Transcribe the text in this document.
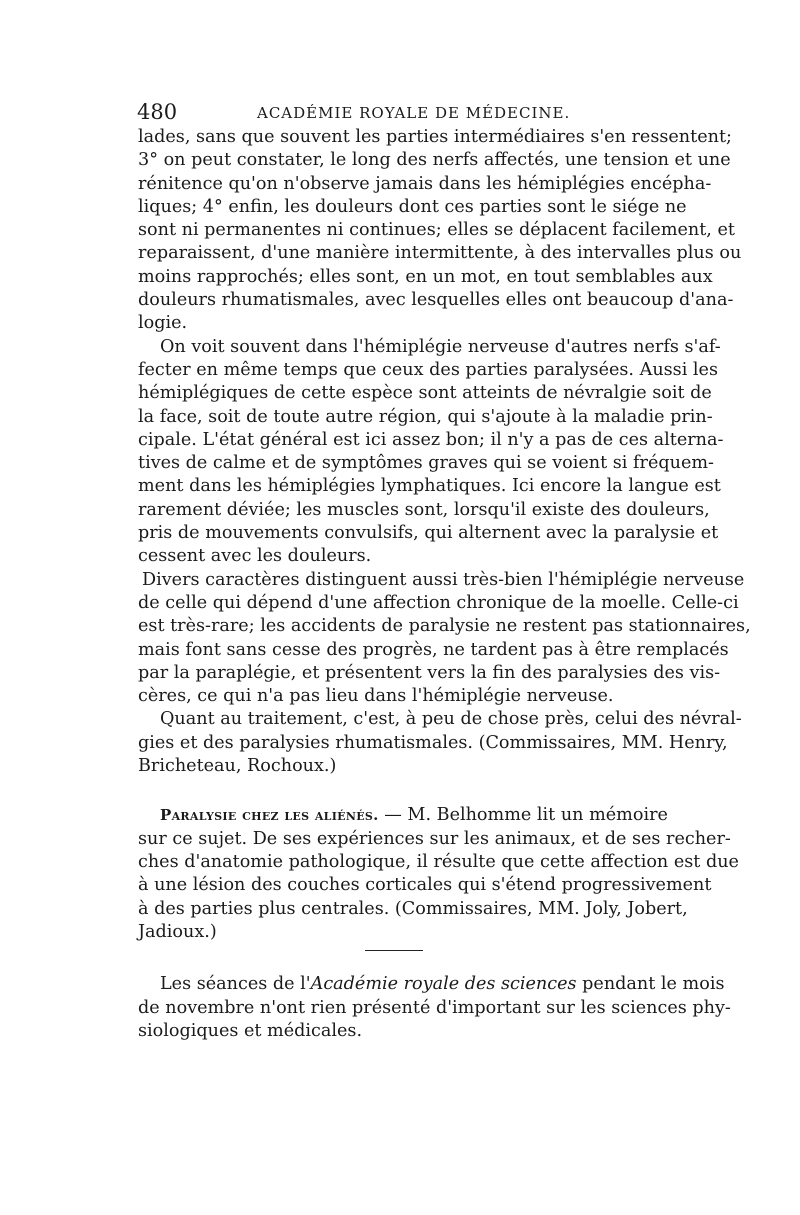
480	ACADÉMIE ROYALE DE MÉDECINE.
lades, sans que souvent les parties intermédiaires s'en ressentent;
3° on peut constater, le long des nerfs affectés, une tension et une
rénitence qu'on n'observe jamais dans les hémiplégies encépha-
liques; 4° enfin, les douleurs dont ces parties sont le siége ne
sont ni permanentes ni continues; elles se déplacent facilement, et
reparaissent, d'une manière intermittente, à des intervalles plus ou
moins rapprochés; elles sont, en un mot, en tout semblables aux
douleurs rhumatismales, avec lesquelles elles ont beaucoup d'ana-
logie.
On voit souvent dans l'hémiplégie nerveuse d'autres nerfs s'af-
fecter en même temps que ceux des parties paralysées. Aussi les
hémiplégiques de cette espèce sont atteints de névralgie soit de
la face, soit de toute autre région, qui s'ajoute à la maladie prin-
cipale. L'état général est ici assez bon; il n'y a pas de ces alterna-
tives de calme et de symptômes graves qui se voient si fréquem-
ment dans les hémiplégies lymphatiques. Ici encore la langue est
rarement déviée; les muscles sont, lorsqu'il existe des douleurs,
pris de mouvements convulsifs, qui alternent avec la paralysie et
cessent avec les douleurs.
Divers caractères distinguent aussi très-bien l'hémiplégie nerveuse
de celle qui dépend d'une affection chronique de la moelle. Celle-ci
est très-rare; les accidents de paralysie ne restent pas stationnaires,
mais font sans cesse des progrès, ne tardent pas à être remplacés
par la paraplégie, et présentent vers la fin des paralysies des vis-
cères, ce qui n'a pas lieu dans l'hémiplégie nerveuse.
Quant au traitement, c'est, à peu de chose près, celui des névral-
gies et des paralysies rhumatismales. (Commissaires, MM. Henry,
Bricheteau, Rochoux.)
Paralysie chez les aliénés. — M. Belhomme lit un mémoire
sur ce sujet. De ses expériences sur les animaux, et de ses recher-
ches d'anatomie pathologique, il résulte que cette affection est due
à une lésion des couches corticales qui s'étend progressivement
à des parties plus centrales. (Commissaires, MM. Joly, Jobert,
Jadioux.)
Les séances de l'Académie royale des sciences pendant le mois
de novembre n'ont rien présenté d'important sur les sciences phy-
siologiques et médicales.
